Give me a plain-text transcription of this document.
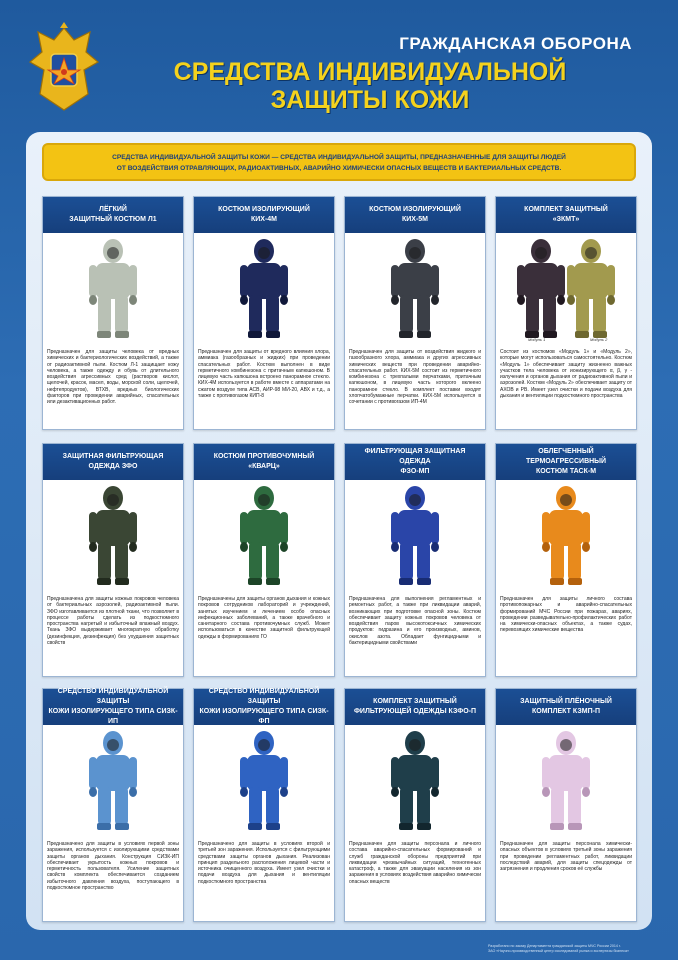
ГРАЖДАНСКАЯ ОБОРОНА
СРЕДСТВА ИНДИВИДУАЛЬНОЙ
ЗАЩИТЫ КОЖИ
СРЕДСТВА ИНДИВИДУАЛЬНОЙ ЗАЩИТЫ КОЖИ — СРЕДСТВА ИНДИВИДУАЛЬНОЙ ЗАЩИТЫ, ПРЕДНАЗНАЧЕННЫЕ ДЛЯ ЗАЩИТЫ ЛЮДЕЙ
ОТ ВОЗДЕЙСТВИЯ ОТРАВЛЯЮЩИХ, РАДИОАКТИВНЫХ, АВАРИЙНО ХИМИЧЕСКИ ОПАСНЫХ ВЕЩЕСТВ И БАКТЕРИАЛЬНЫХ СРЕДСТВ.
ЛЁГКИЙ
ЗАЩИТНЫЙ КОСТЮМ Л1
Предназначен для защиты человека от вредных химических и бактериологических воздействий, а также от радиоактивной пыли. Костюм Л-1 защищает кожу человека, а также одежду и обувь от длительного воздействия агрессивных сред (растворов кислот, щелочей, красок, масел, воды, морской соли, щелочей, нефтепродуктов), ВТХВ, вредных биологических факторов при проведении аварийных, спасательных или дезактивационных работ.
КОСТЮМ ИЗОЛИРУЮЩИЙ
КИХ-4М
Предназначен для защиты от вредного влияния хлора, аммиака (газообразных и жидких) при проведении спасательных работ. Костюм выполнен в виде герметичного комбинезона с притачным капюшоном. В лицевую часть капюшона встроено панорамное стекло. КИХ-4М используется в работе вместе с аппаратами на сжатом воздухе типа АСВ, АИР-98 МИ-20, АВХ и т.д., а также с противогазом КИП-8
КОСТЮМ ИЗОЛИРУЮЩИЙ
КИХ-5М
Предназначен для защиты от воздействия жидкого и газообразного хлора, аммиака и других агрессивных химических веществ при проведении аварийно-спасательных работ. КИХ-5М состоит из герметичного комбинезона с трехпалыми перчатками, притачным капюшоном, в лицевую часть которого вклеено панорамное стекло. В комплект поставки входят хлопчатобумажные перчатки. КИХ-5М используется в сочетании с противогазом ИП-4М
КОМПЛЕКТ ЗАЩИТНЫЙ
«ЗКМТ»
Модуль 1	Модуль 2
Состоит из костюмов «Модуль 1» и «Модуль 2», которые могут использоваться самостоятельно. Костюм «Модуль 1» обеспечивает защиту жизненно важных участков тела человека от ионизирующего α, β, γ - излучения и органов дыхания от радиоактивной пыли и аэрозолей. Костюм «Модуль 2» обеспечивает защиту от АХОВ и РВ. Имеет узел очистки и подачи воздуха для дыхания и вентиляции подкостюмного пространства
ЗАЩИТНАЯ ФИЛЬТРУЮЩАЯ
ОДЕЖДА ЗФО
Предназначена для защиты кожных покровов человека от бактериальных аэрозолей, радиоактивной пыли. ЗФО изготавливается из плотной ткани, что позволяет в процессе работы сделать из подкостюмного пространства нагретый и избыточный влажный воздух. Ткань ЗФО выдерживает многократную обработку (дезинфекция, дезинфекция) без ухудшения защитных свойств
КОСТЮМ ПРОТИВОЧУМНЫЙ «КВАРЦ»
Предназначены для защиты органов дыхания и кожных покровов сотрудников лабораторий и учреждений, занятых изучением и лечением особо опасных инфекционных заболеваний, а также врачебного и санитарного состава противочумных служб. Может использоваться в качестве защитной фильтрующей одежды в формированиях ГО
ФИЛЬТРУЮЩАЯ ЗАЩИТНАЯ ОДЕЖДА
ФЗО-МП
Предназначена для выполнения регламентных и ремонтных работ, а также при ликвидации аварий, возникающих при подготовке опасной зоны. Костюм обеспечивает защиту кожных покровов человека от воздействия паров высокотоксичных химических продуктов: гидразина и его производных, аминов, окислов азота. Обладает фунгицидными и бактерицидными свойствами
ОБЛЕГЧЕННЫЙ ТЕРМОАГРЕССИВНЫЙ
КОСТЮМ ТАСК-М
Предназначен для защиты личного состава противопожарных и аварийно-спасательных формирований МЧС России при пожарах, авариях, проведении разведывательно-профилактических работ на химически-опасных объектах, а также судах, перевозящих химические вещества
СРЕДСТВО ИНДИВИДУАЛЬНОЙ ЗАЩИТЫ
КОЖИ ИЗОЛИРУЮЩЕГО ТИПА СИЗК-ИП
Предназначено для защиты в условиях первой зоны заражения, используется с изолирующими средствами защиты органов дыхания. Конструкция СИЗК-ИП обеспечивает укрытость кожных покровов и герметичность пользователя. Усиление защитных свойств комплекта обеспечивается созданием избыточного давления воздуха, поступающего в подкостюмное пространство
СРЕДСТВО ИНДИВИДУАЛЬНОЙ ЗАЩИТЫ
КОЖИ ИЗОЛИРУЮЩЕГО ТИПА СИЗК-ФП
Предназначено для защиты в условиях второй и третьей зон заражения. Используется с фильтрующими средствами защиты органов дыхания. Реализован принцип раздельного расположения лицевой части и источника очищенного воздуха. Имеет узел очистки и подачи воздуха для дыхания и вентиляции подкостюмного пространства
КОМПЛЕКТ ЗАЩИТНЫЙ
ФИЛЬТРУЮЩЕЙ ОДЕЖДЫ КЗФО-П
Предназначен для защиты персонала и личного состава аварийно-спасательных формирований и служб гражданской обороны предприятий при ликвидации чрезвычайных ситуаций, техногенных катастроф, а также для эвакуации населения из зон заражения в условиях воздействия аварийно химически опасных веществ
ЗАЩИТНЫЙ ПЛЁНОЧНЫЙ
КОМПЛЕКТ КЗМП-П
Предназначен для защиты персонала химически-опасных объектов в условиях третьей зоны заражения при проведении регламентных работ, ликвидации последствий аварий, для защиты спецодежды от загрязнения и продления сроков её службы
Разработано по заказу Департамента гражданской защиты МЧС России 2014 г.
ЗАО «Научно-производственный центр исследований рынка и экспертизы бизнеса»
